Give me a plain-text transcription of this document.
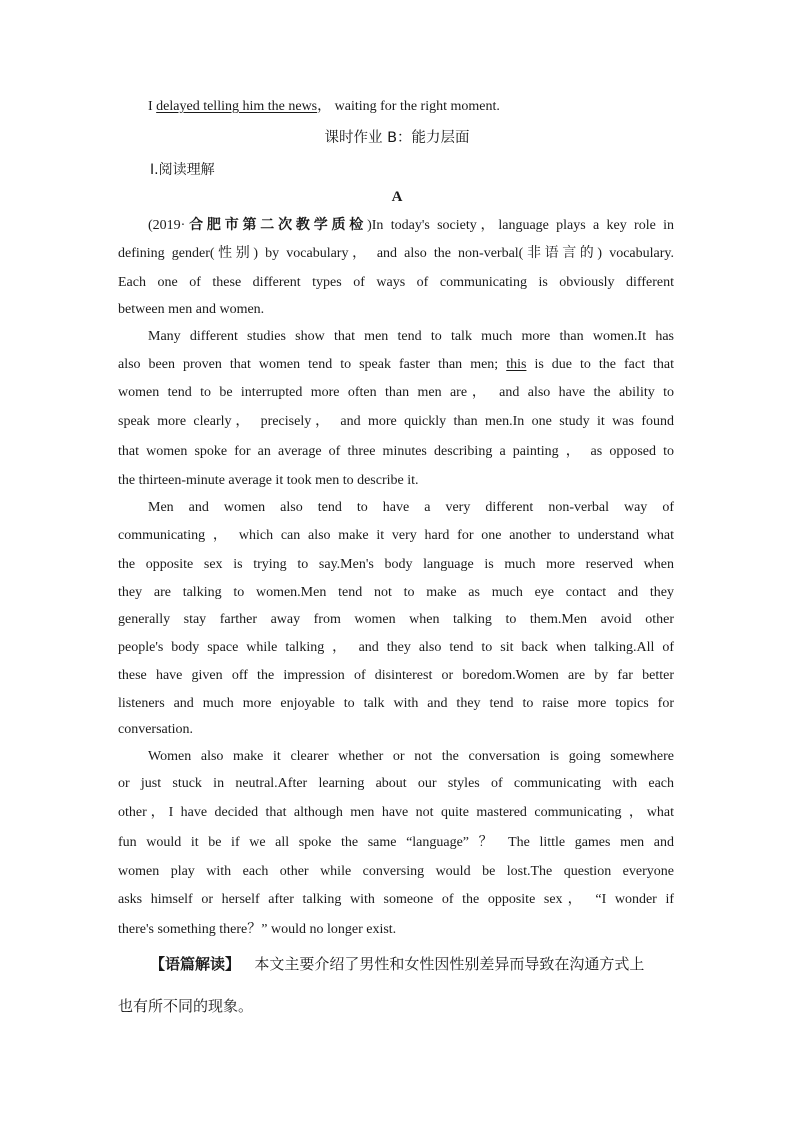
I delayed telling him the news， waiting for the right moment.
课时作业 B：能力层面
Ⅰ.阅读理解
A
(2019·合肥市第二次教学质检)In today's society，language plays a key role in
defining gender(性别) by vocabulary， and also the non-verbal(非语言的) vocabulary.
Each one of these different types of ways of communicating is obviously different
between men and women.
Many different studies show that men tend to talk much more than women.It has
also been proven that women tend to speak faster than men; this is due to the fact that
women tend to be interrupted more often than men are， and also have the ability to
speak more clearly， precisely， and more quickly than men.In one study it was found
that women spoke for an average of three minutes describing a painting ， as opposed to
the thirteen-minute average it took men to describe it.
Men and women also tend to have a very different non-verbal way of
communicating ， which can also make it very hard for one another to understand what
the opposite sex is trying to say.Men's body language is much more reserved when
they are talking to women.Men tend not to make as much eye contact and they
generally stay farther away from women when talking to them.Men avoid other
people's body space while talking ， and they also tend to sit back when talking.All of
these have given off the impression of disinterest or boredom.Women are by far better
listeners and much more enjoyable to talk with and they tend to raise more topics for
conversation.
Women also make it clearer whether or not the conversation is going somewhere
or just stuck in neutral.After learning about our styles of communicating with each
other，I have decided that although men have not quite mastered communicating ，what
fun would it be if we all spoke the same “language” ？ The little games men and
women play with each other while conversing would be lost.The question everyone
asks himself or herself after talking with someone of the opposite sex， “I wonder if
there's something there？” would no longer exist.
【语篇解读】 本文主要介绍了男性和女性因性别差异而导致在沟通方式上
也有所不同的现象。
